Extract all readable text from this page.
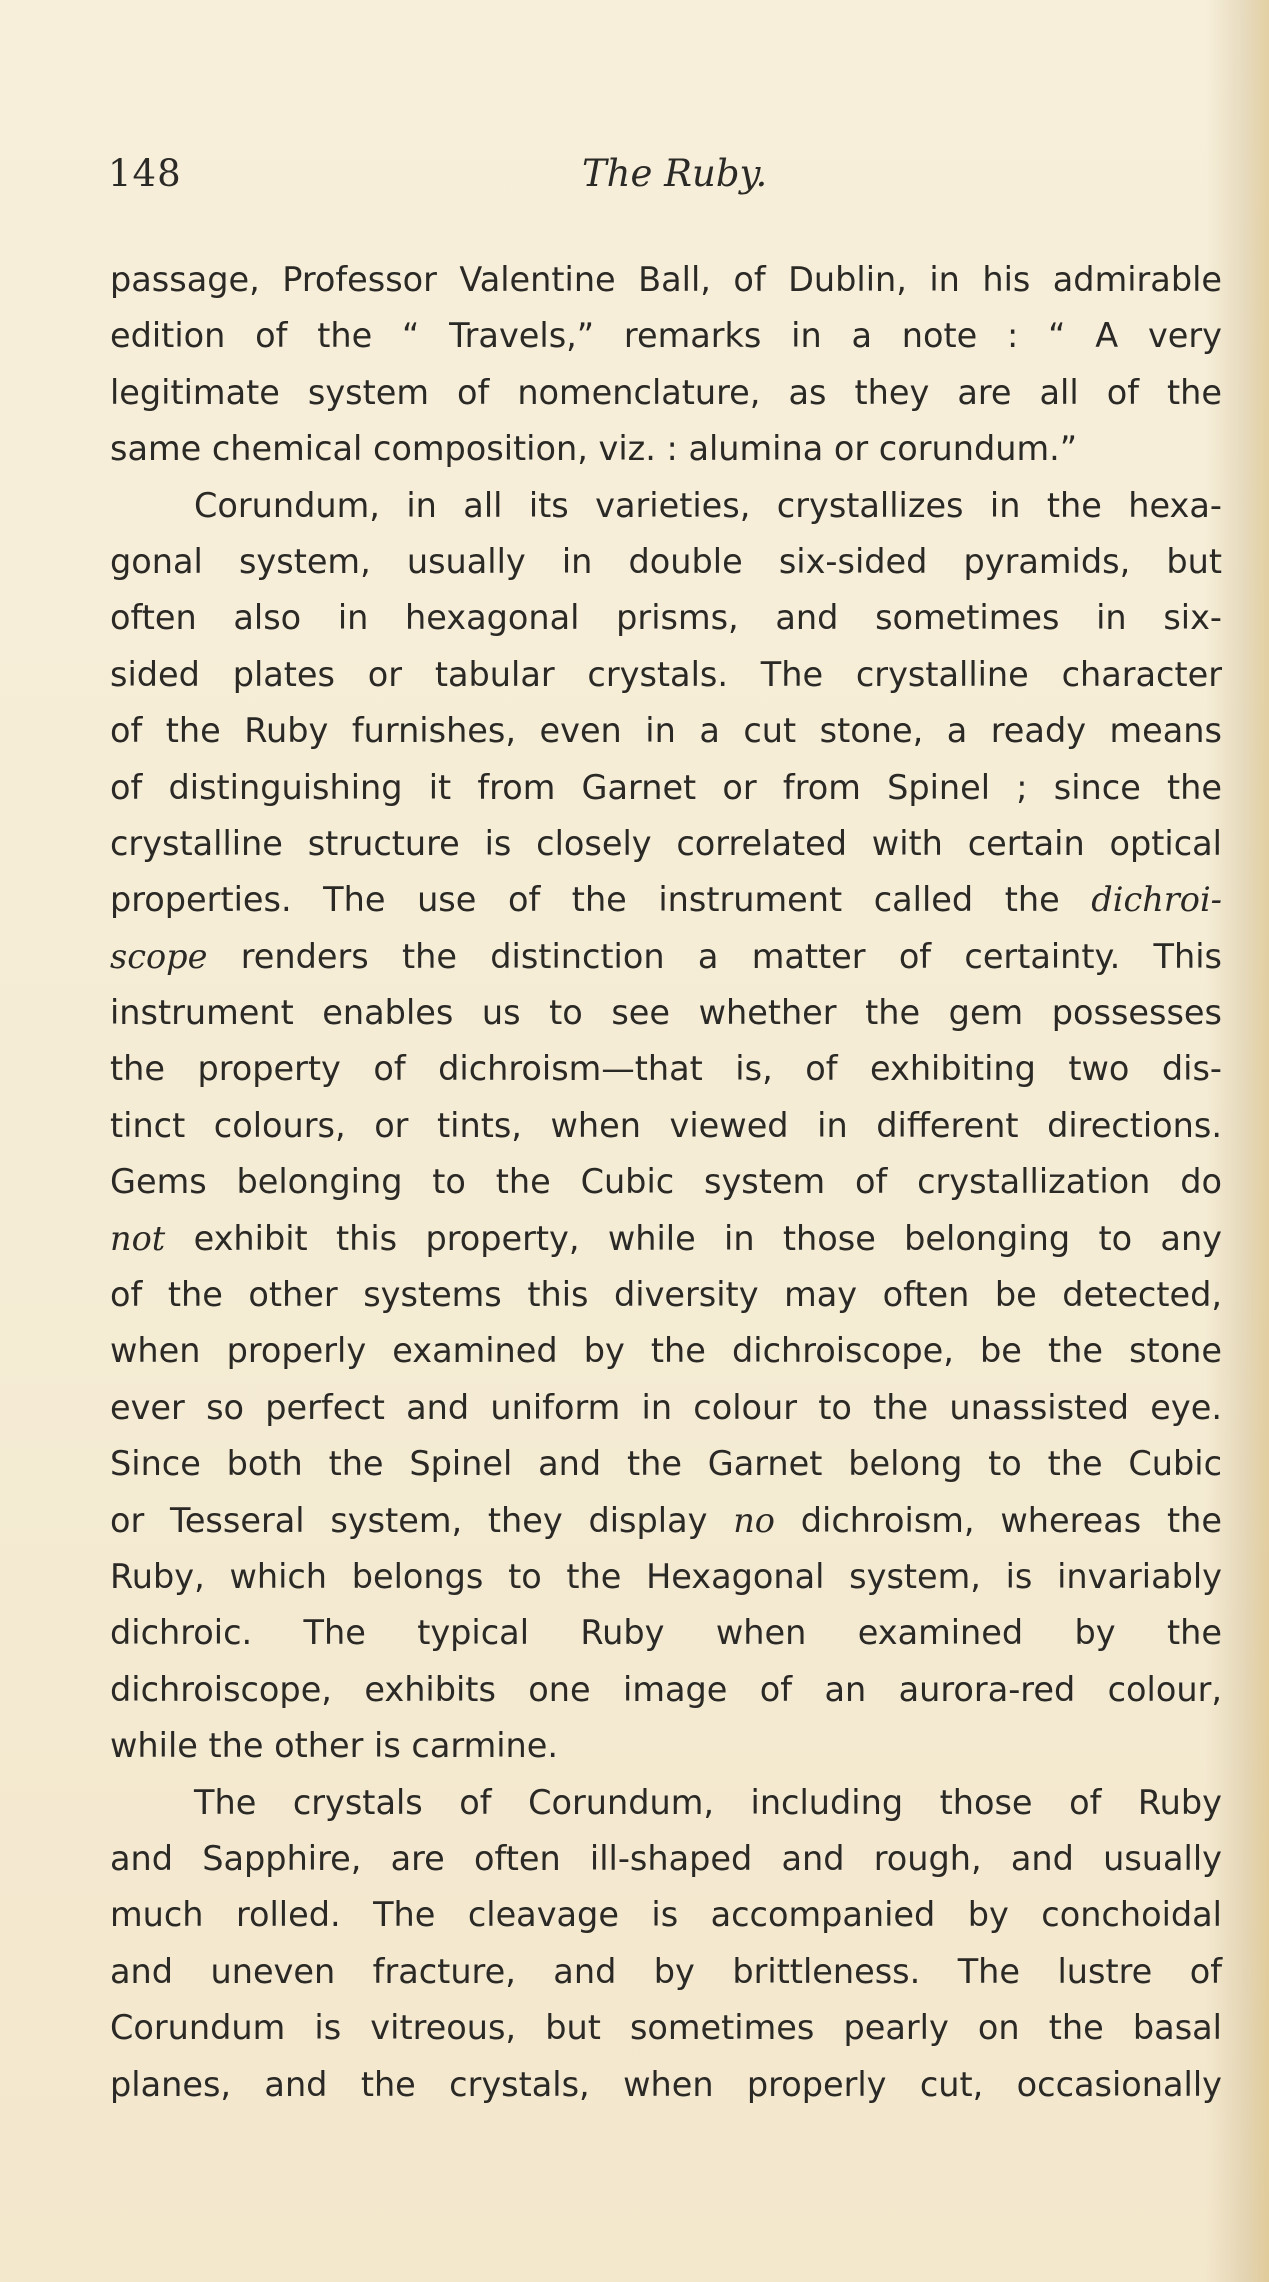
148	The Ruby.
passage, Professor Valentine Ball, of Dublin, in his admirable
edition of the “ Travels,” remarks in a note : “ A very
legitimate system of nomenclature, as they are all of the
same chemical composition, viz. : alumina or corundum.”
Corundum, in all its varieties, crystallizes in the hexa-
gonal system, usually in double six-sided pyramids, but
often also in hexagonal prisms, and sometimes in six-
sided plates or tabular crystals. The crystalline character
of the Ruby furnishes, even in a cut stone, a ready means
of distinguishing it from Garnet or from Spinel ; since the
crystalline structure is closely correlated with certain optical
properties. The use of the instrument called the dichroi-
scope renders the distinction a matter of certainty. This
instrument enables us to see whether the gem possesses
the property of dichroism—that is, of exhibiting two dis-
tinct colours, or tints, when viewed in different directions.
Gems belonging to the Cubic system of crystallization do
not exhibit this property, while in those belonging to any
of the other systems this diversity may often be detected,
when properly examined by the dichroiscope, be the stone
ever so perfect and uniform in colour to the unassisted eye.
Since both the Spinel and the Garnet belong to the Cubic
or Tesseral system, they display no dichroism, whereas the
Ruby, which belongs to the Hexagonal system, is invariably
dichroic. The typical Ruby when examined by the
dichroiscope, exhibits one image of an aurora-red colour,
while the other is carmine.
The crystals of Corundum, including those of Ruby
and Sapphire, are often ill-shaped and rough, and usually
much rolled. The cleavage is accompanied by conchoidal
and uneven fracture, and by brittleness. The lustre of
Corundum is vitreous, but sometimes pearly on the basal
planes, and the crystals, when properly cut, occasionally
